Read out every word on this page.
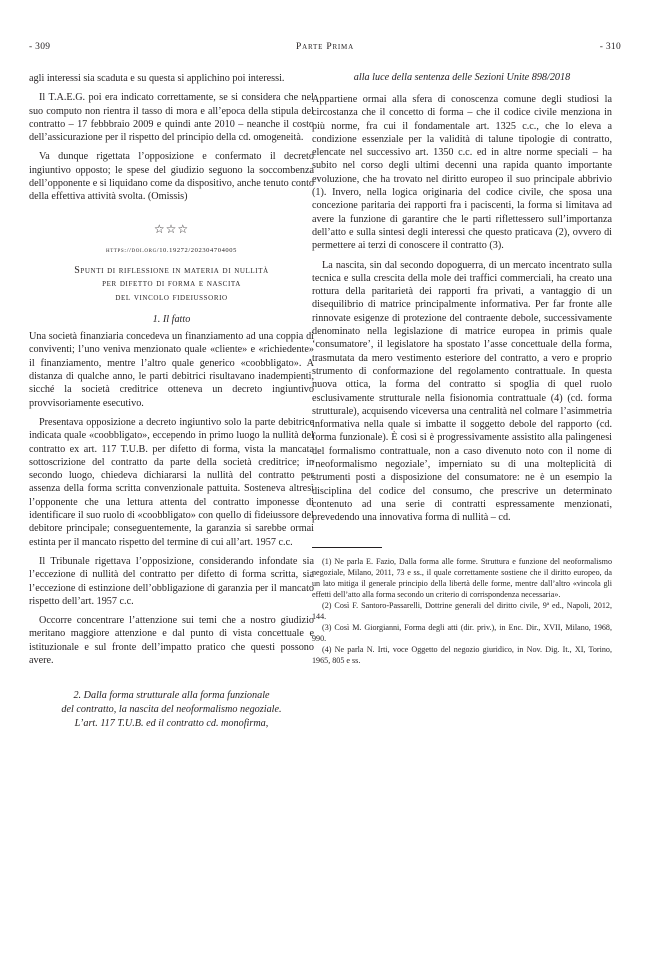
- 309	Parte Prima	- 310

agli interessi sia scaduta e su questa si applichino poi interessi.

Il T.A.E.G. poi era indicato correttamente, se si considera che nel suo computo non rientra il tasso di mora e all’epoca della stipula del contratto – 17 febbbraio 2009 e quindi ante 2010 – neanche il costo dell’assicurazione per il rispetto del principio della cd. omogeneità.

Va dunque rigettata l’opposizione e confermato il decreto ingiuntivo opposto; le spese del giudizio seguono la soccombenza dell’opponente e si liquidano come da dispositivo, anche tenuto conto della effettiva attività svolta. (Omissis)

☆☆☆
https://doi.org/10.19272/202304704005
Spunti di riflessione in materia di nullità
per difetto di forma e nascita
del vincolo fideiussorio
1. Il fatto

Una società finanziaria concedeva un finanziamento ad una coppia di conviventi; l’uno veniva menzionato quale «cliente» e «richiedente» il finanziamento, mentre l’altro quale generico «coobbligato». A distanza di qualche anno, le parti debitrici risultavano inadempienti, sicché la società creditrice otteneva un decreto ingiuntivo provvisoriamente esecutivo.

Presentava opposizione a decreto ingiuntivo solo la parte debitrice indicata quale «coobbligato», eccependo in primo luogo la nullità del contratto ex art. 117 T.U.B. per difetto di forma, vista la mancata sottoscrizione del contratto da parte della società creditrice; in secondo luogo, chiedeva dichiararsi la nullità del contratto per assenza della forma scritta convenzionale pattuita. Sosteneva altresì l’opponente che una lettura attenta del contratto imponesse di identificare il suo ruolo di «coobbligato» con quello di fideiussore del debitore principale; conseguentemente, la garanzia si sarebbe ormai estinta per il mancato rispetto del termine di cui all’art. 1957 c.c.

Il Tribunale rigettava l’opposizione, considerando infondate sia l’eccezione di nullità del contratto per difetto di forma scritta, sia l’eccezione di estinzione dell’obbligazione di garanzia per il mancato rispetto dell’art. 1957 c.c.

Occorre concentrare l’attenzione sui temi che a nostro giudizio meritano maggiore attenzione e dal punto di vista concettuale e istituzionale e sul fronte dell’impatto pratico che questi possono avere.

2. Dalla forma strutturale alla forma funzionale
del contratto, la nascita del neoformalismo negoziale.
L’art. 117 T.U.B. ed il contratto cd. monofirma,
alla luce della sentenza delle Sezioni Unite 898/2018

Appartiene ormai alla sfera di conoscenza comune degli studiosi la circostanza che il concetto di forma – che il codice civile menziona in più norme, fra cui il fondamentale art. 1325 c.c., che lo eleva a condizione essenziale per la validità di talune tipologie di contratto, elencate nel successivo art. 1350 c.c. ed in altre norme speciali – ha subito nel corso degli ultimi decenni una rapida quanto importante evoluzione, che ha trovato nel diritto europeo il suo principale abbrivio (1). Invero, nella logica originaria del codice civile, che sposa una concezione paritaria dei rapporti fra i paciscenti, la forma si limitava ad avere la funzione di garantire che le parti riflettessero sull’importanza dell’atto e sulla sintesi degli interessi che questo praticava (2), ovvero di permettere ai terzi di conoscere il contratto (3).

La nascita, sin dal secondo dopoguerra, di un mercato incentrato sulla tecnica e sulla crescita della mole dei traffici commerciali, ha creato una rottura della paritarietà dei rapporti fra privati, a vantaggio di un disequilibrio di matrice principalmente informativa. Per far fronte alle rinnovate esigenze di protezione del contraente debole, successivamente denominato nella legislazione di matrice europea in primis quale ‘consumatore’, il legislatore ha spostato l’asse concettuale della forma, trasmutata da mero vestimento esteriore del contratto, a vero e proprio strumento di conformazione del regolamento contrattuale. In questa nuova ottica, la forma del contratto si spoglia di quel ruolo esclusivamente strutturale nella fisionomia contrattuale (4) (cd. forma strutturale), acquisendo viceversa una centralità nel colmare l’asimmetria informativa nella quale si imbatte il soggetto debole del rapporto (cd. forma funzionale). È così si è progressivamente assistito alla palingenesi del formalismo contrattuale, non a caso divenuto noto con il nome di ‘neoformalismo negoziale’, imperniato su di una molteplicità di strumenti posti a disposizione del consumatore: ne è un esempio la disciplina del codice del consumo, che prescrive un determinato contenuto ad una serie di contratti espressamente menzionati, prevedendo una innovativa forma di nullità – cd.

(1) Ne parla E. Fazio, Dalla forma alle forme. Struttura e funzione del neoformalismo negoziale, Milano, 2011, 73 e ss., il quale correttamente sostiene che il diritto europeo, da un lato mitiga il generale principio della libertà delle forme, mentre dall’altro «vincola gli effetti dell’atto alla forma secondo un criterio di corrispondenza necessaria».

(2) Così F. Santoro-Passarelli, Dottrine generali del diritto civile, 9ª ed., Napoli, 2012, 144.

(3) Così M. Giorgianni, Forma degli atti (dir. priv.), in Enc. Dir., XVII, Milano, 1968, 990.

(4) Ne parla N. Irti, voce Oggetto del negozio giuridico, in Nov. Dig. It., XI, Torino, 1965, 805 e ss.
